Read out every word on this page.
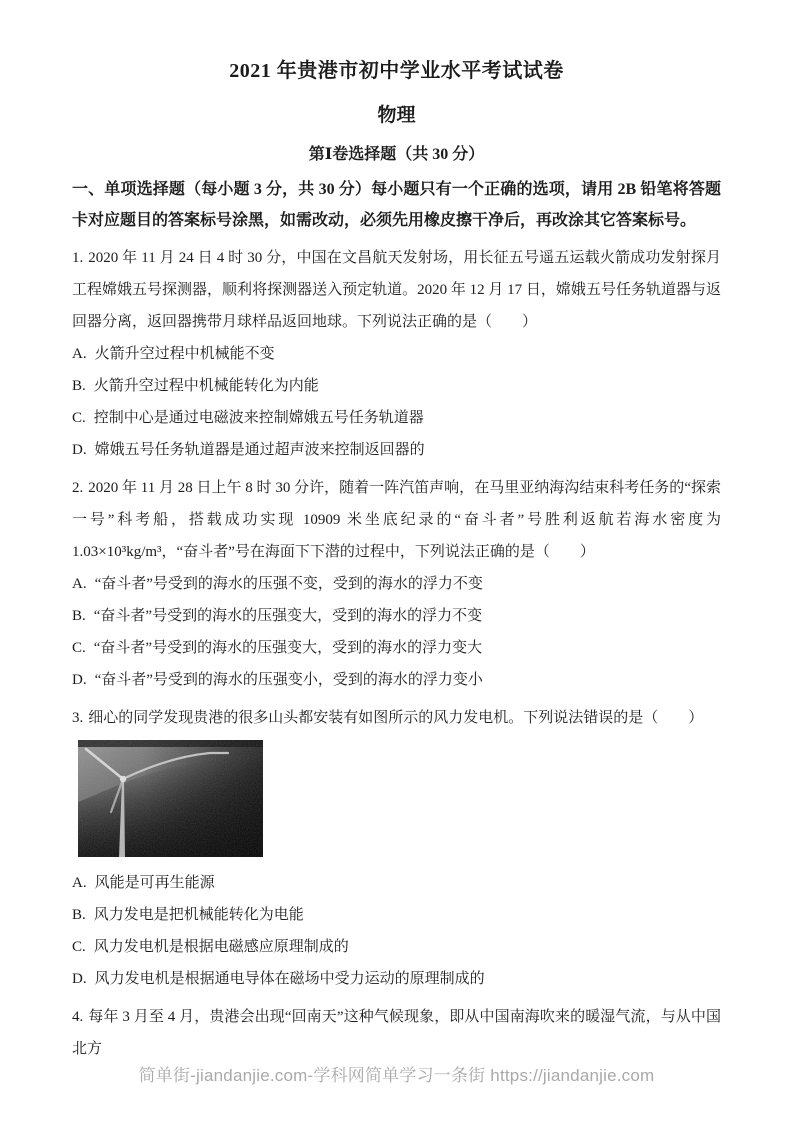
2021 年贵港市初中学业水平考试试卷
物理
第Ⅰ卷选择题（共 30 分）

一、单项选择题（每小题 3 分，共 30 分）每小题只有一个正确的选项，请用 2B 铅笔将答题卡对应题目的答案标号涂黑，如需改动，必须先用橡皮擦干净后，再改涂其它答案标号。

1. 2020 年 11 月 24 日 4 时 30 分，中国在文昌航天发射场，用长征五号遥五运载火箭成功发射探月工程嫦娥五号探测器，顺利将探测器送入预定轨道。2020 年 12 月 17 日，嫦娥五号任务轨道器与返回器分离，返回器携带月球样品返回地球。下列说法正确的是（　　）

A. 火箭升空过程中机械能不变

B. 火箭升空过程中机械能转化为内能

C. 控制中心是通过电磁波来控制嫦娥五号任务轨道器

D. 嫦娥五号任务轨道器是通过超声波来控制返回器的

2. 2020 年 11 月 28 日上午 8 时 30 分许，随着一阵汽笛声响，在马里亚纳海沟结束科考任务的“探索一号”科考船，搭载成功实现 10909 米坐底纪录的“奋斗者”号胜利返航若海水密度为 1.03×10³kg/m³，“奋斗者”号在海面下下潜的过程中，下列说法正确的是（　　）

A. “奋斗者”号受到的海水的压强不变，受到的海水的浮力不变

B. “奋斗者”号受到的海水的压强变大，受到的海水的浮力不变

C. “奋斗者”号受到的海水的压强变大，受到的海水的浮力变大

D. “奋斗者”号受到的海水的压强变小，受到的海水的浮力变小

3. 细心的同学发现贵港的很多山头都安装有如图所示的风力发电机。下列说法错误的是（　　）

A. 风能是可再生能源

B. 风力发电是把机械能转化为电能

C. 风力发电机是根据电磁感应原理制成的

D. 风力发电机是根据通电导体在磁场中受力运动的原理制成的

4. 每年 3 月至 4 月，贵港会出现“回南天”这种气候现象，即从中国南海吹来的暖湿气流，与从中国北方

简单街-jiandanjie.com-学科网简单学习一条街 https://jiandanjie.com
